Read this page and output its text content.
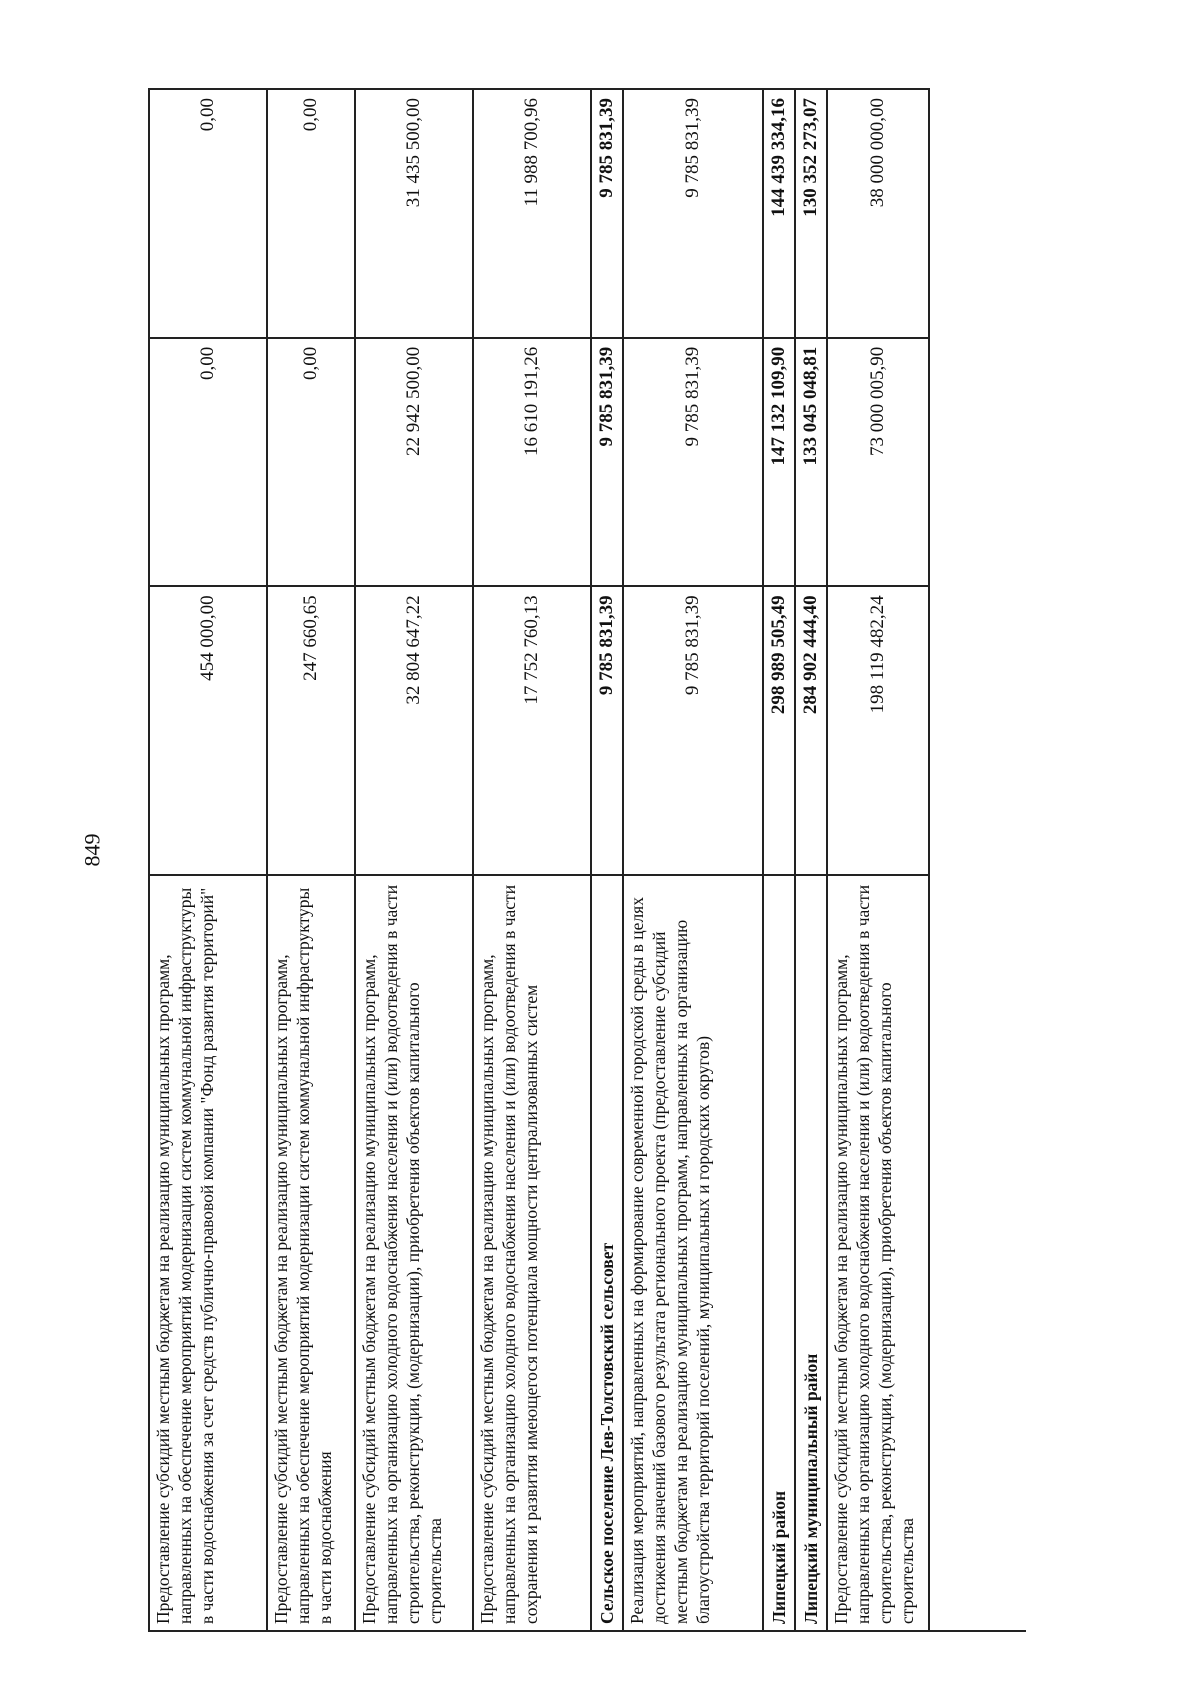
849
Предоставление субсидий местным бюджетам на реализацию муниципальных программ, направленных на обеспечение мероприятий модернизации систем коммунальной инфраструктуры в части водоснабжения за счет средств публично-правовой компании "Фонд развития территорий"
454 000,00
0,00
0,00
Предоставление субсидий местным бюджетам на реализацию муниципальных программ, направленных на обеспечение мероприятий модернизации систем коммунальной инфраструктуры в части водоснабжения
247 660,65
0,00
0,00
Предоставление субсидий местным бюджетам на реализацию муниципальных программ, направленных на организацию холодного водоснабжения населения и (или) водоотведения в части строительства, реконструкции, (модернизации), приобретения объектов капитального строительства
32 804 647,22
22 942 500,00
31 435 500,00
Предоставление субсидий местным бюджетам на реализацию муниципальных программ, направленных на организацию холодного водоснабжения населения и (или) водоотведения в части сохранения и развития имеющегося потенциала мощности централизованных систем
17 752 760,13
16 610 191,26
11 988 700,96
Сельское поселение Лев-Толстовский сельсовет
9 785 831,39
9 785 831,39
9 785 831,39
Реализация мероприятий, направленных на формирование современной городской среды в целях достижения значений базового результата регионального проекта (предоставление субсидий местным бюджетам на реализацию муниципальных программ, направленных на организацию благоустройства территорий поселений, муниципальных и городских округов)
9 785 831,39
9 785 831,39
9 785 831,39
Липецкий район
298 989 505,49
147 132 109,90
144 439 334,16
Липецкий муниципальный район
284 902 444,40
133 045 048,81
130 352 273,07
Предоставление субсидий местным бюджетам на реализацию муниципальных программ, направленных на организацию холодного водоснабжения населения и (или) водоотведения в части строительства, реконструкции, (модернизации), приобретения объектов капитального строительства
198 119 482,24
73 000 005,90
38 000 000,00
